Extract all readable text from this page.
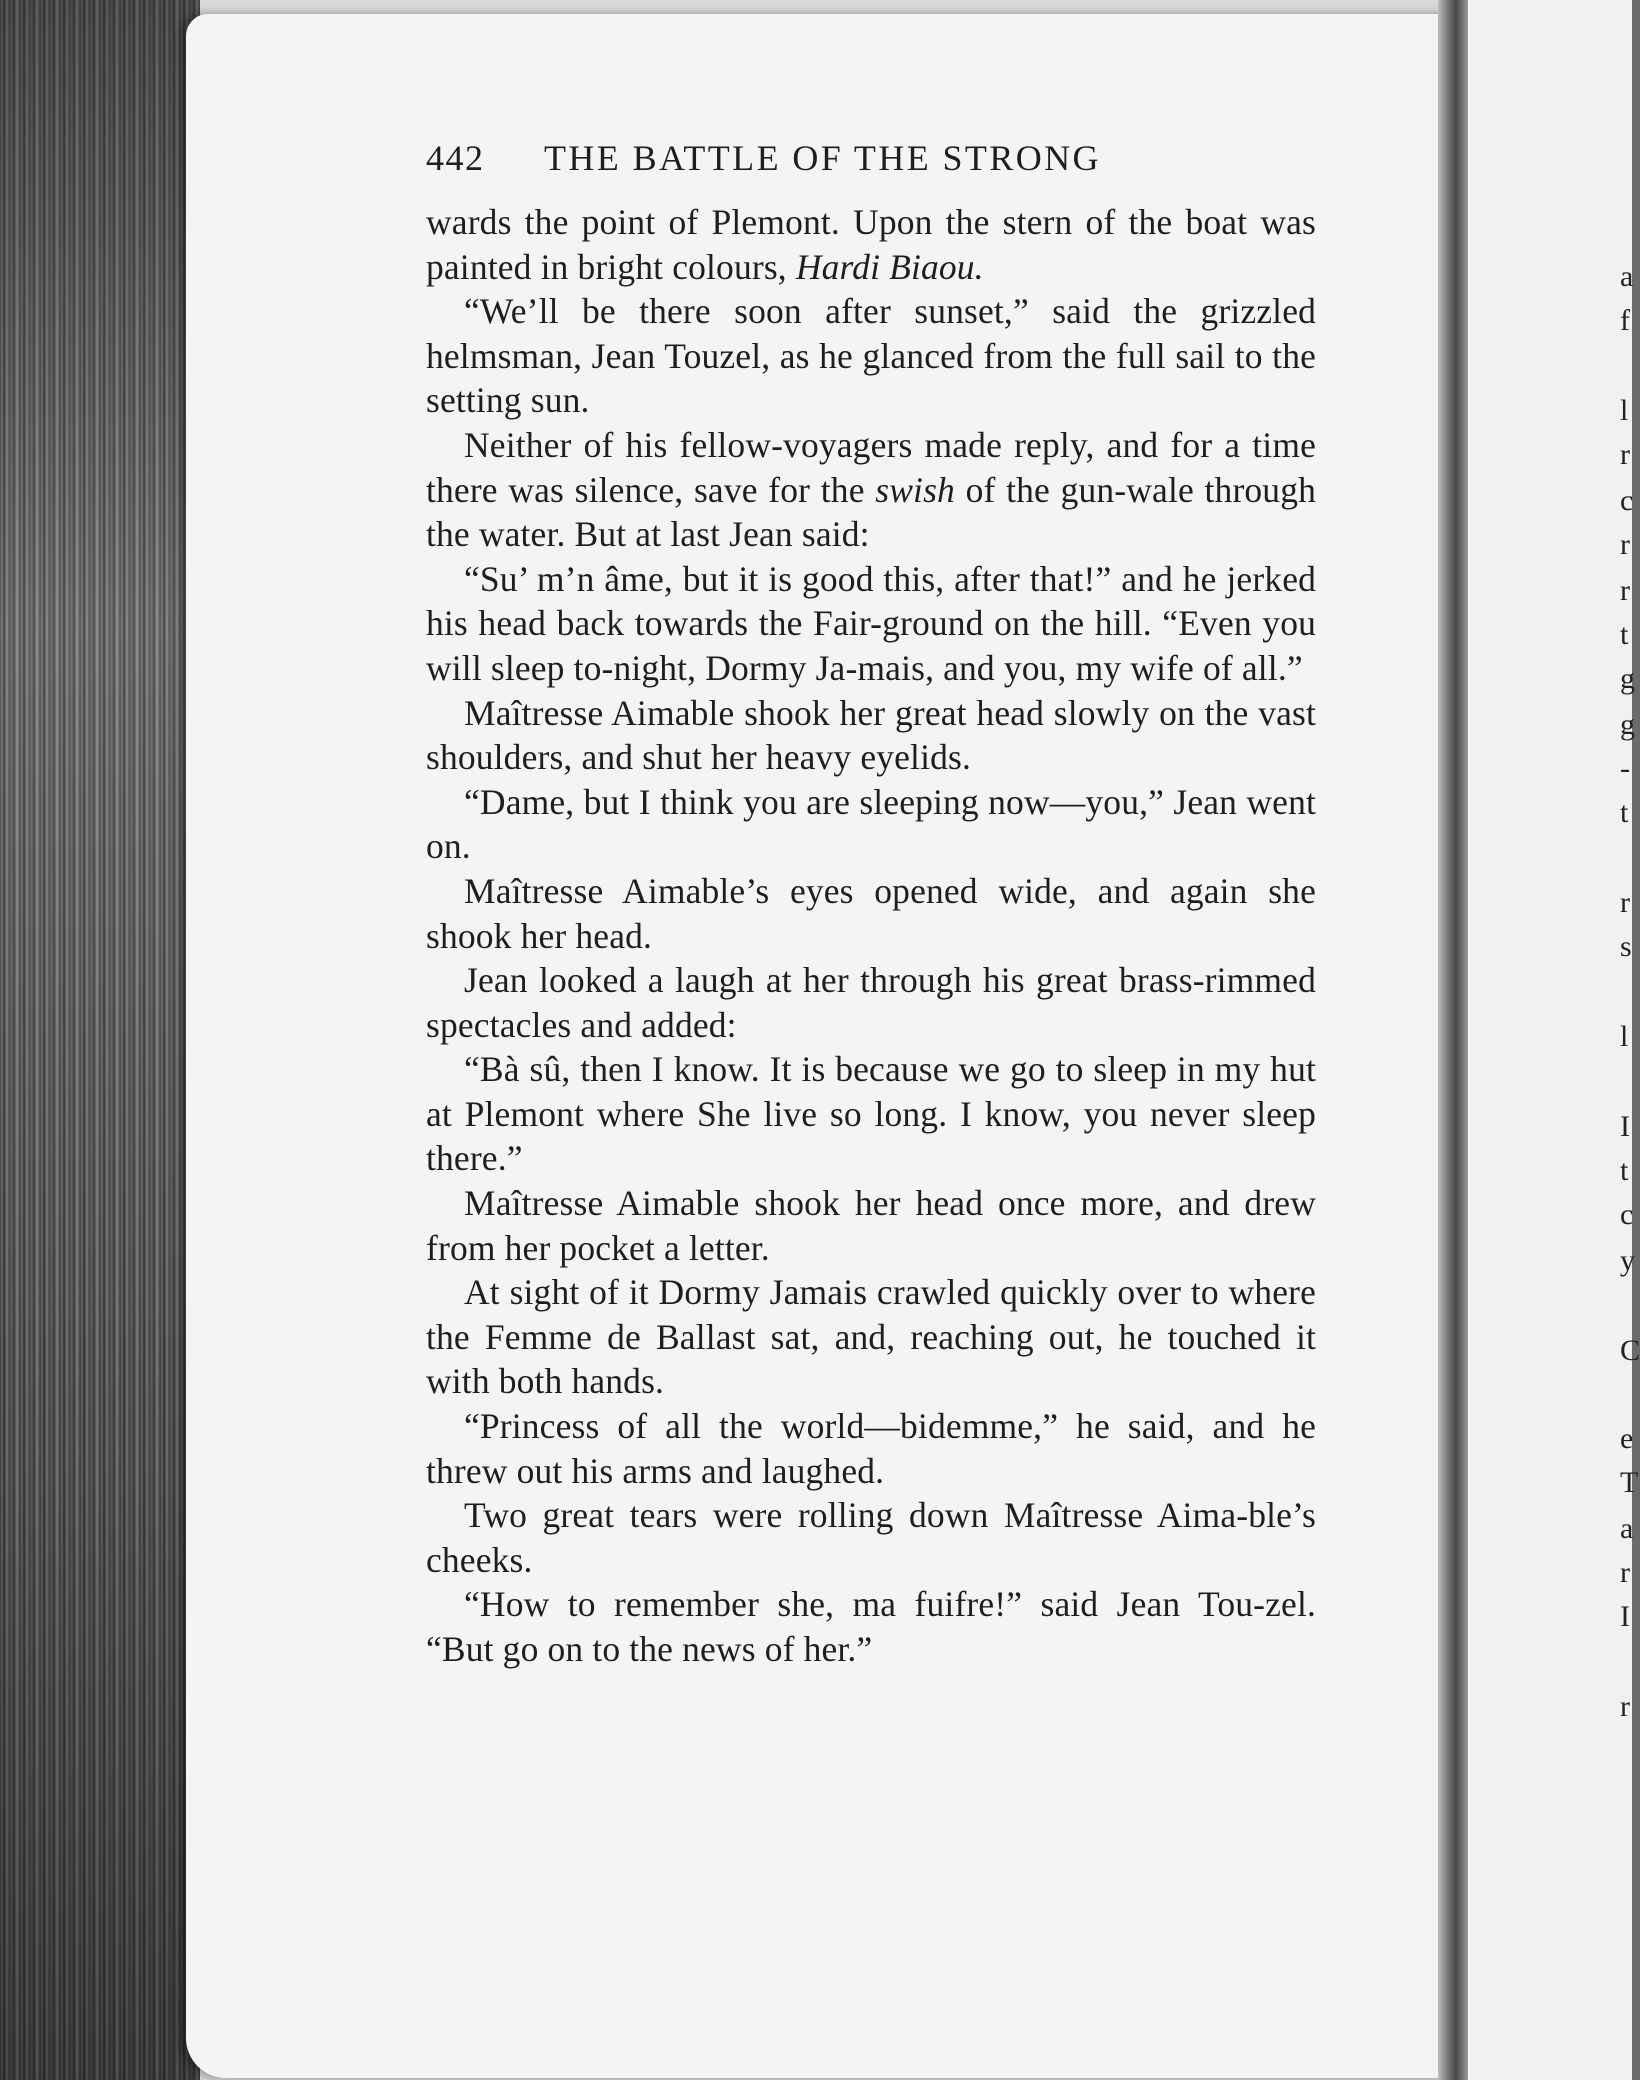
a
f
l
r
c
r
r
t
g
g
-
t
r
s
l
I
t
c
y
C
e
T
a
r
I
r
442	THE BATTLE OF THE STRONG

wards the point of Plemont. Upon the stern of the boat was painted in bright colours, Hardi Biaou.

“We’ll be there soon after sunset,” said the grizzled helmsman, Jean Touzel, as he glanced from the full sail to the setting sun.

Neither of his fellow-voyagers made reply, and for a time there was silence, save for the swish of the gun-wale through the water. But at last Jean said:

“Su’ m’n âme, but it is good this, after that!” and he jerked his head back towards the Fair-ground on the hill. “Even you will sleep to-night, Dormy Ja-mais, and you, my wife of all.”

Maîtresse Aimable shook her great head slowly on the vast shoulders, and shut her heavy eyelids.

“Dame, but I think you are sleeping now—you,” Jean went on.

Maîtresse Aimable’s eyes opened wide, and again she shook her head.

Jean looked a laugh at her through his great brass-rimmed spectacles and added:

“Bà sû, then I know. It is because we go to sleep in my hut at Plemont where She live so long. I know, you never sleep there.”

Maîtresse Aimable shook her head once more, and drew from her pocket a letter.

At sight of it Dormy Jamais crawled quickly over to where the Femme de Ballast sat, and, reaching out, he touched it with both hands.

“Princess of all the world—bidemme,” he said, and he threw out his arms and laughed.

Two great tears were rolling down Maîtresse Aima-ble’s cheeks.

“How to remember she, ma fuifre!” said Jean Tou-zel. “But go on to the news of her.”
